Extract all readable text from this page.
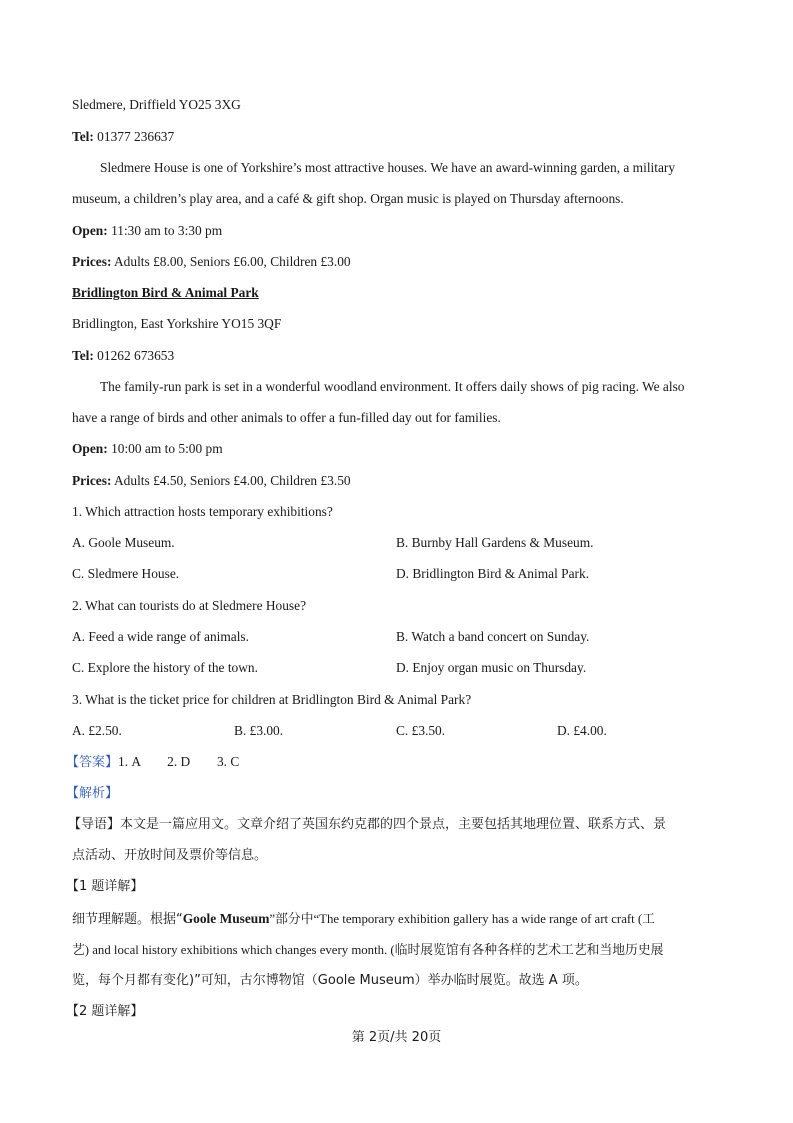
Sledmere, Driffield YO25 3XG
Tel: 01377 236637
Sledmere House is one of Yorkshire’s most attractive houses. We have an award-winning garden, a military
museum, a children’s play area, and a café & gift shop. Organ music is played on Thursday afternoons.
Open: 11:30 am to 3:30 pm
Prices: Adults £8.00, Seniors £6.00, Children £3.00
Bridlington Bird & Animal Park
Bridlington, East Yorkshire YO15 3QF
Tel: 01262 673653
The family-run park is set in a wonderful woodland environment. It offers daily shows of pig racing. We also
have a range of birds and other animals to offer a fun-filled day out for families.
Open: 10:00 am to 5:00 pm
Prices: Adults £4.50, Seniors £4.00, Children £3.50
1. Which attraction hosts temporary exhibitions?
A. Goole Museum.	B. Burnby Hall Gardens & Museum.
C. Sledmere House.	D. Bridlington Bird & Animal Park.
2. What can tourists do at Sledmere House?
A. Feed a wide range of animals.	B. Watch a band concert on Sunday.
C. Explore the history of the town.	D. Enjoy organ music on Thursday.
3. What is the ticket price for children at Bridlington Bird & Animal Park?
A. £2.50.	B. £3.00.	C. £3.50.	D. £4.00.
【答案】1. A        2. D        3. C
【解析】
【导语】本文是一篇应用文。文章介绍了英国东约克郡的四个景点，主要包括其地理位置、联系方式、景
点活动、开放时间及票价等信息。
【1 题详解】
细节理解题。根据“Goole Museum”部分中“The temporary exhibition gallery has a wide range of art craft (工
艺) and local history exhibitions which changes every month. (临时展览馆有各种各样的艺术工艺和当地历史展
览，每个月都有变化)”可知，古尔博物馆（Goole Museum）举办临时展览。故选 A 项。
【2 题详解】
第 2页/共 20页
